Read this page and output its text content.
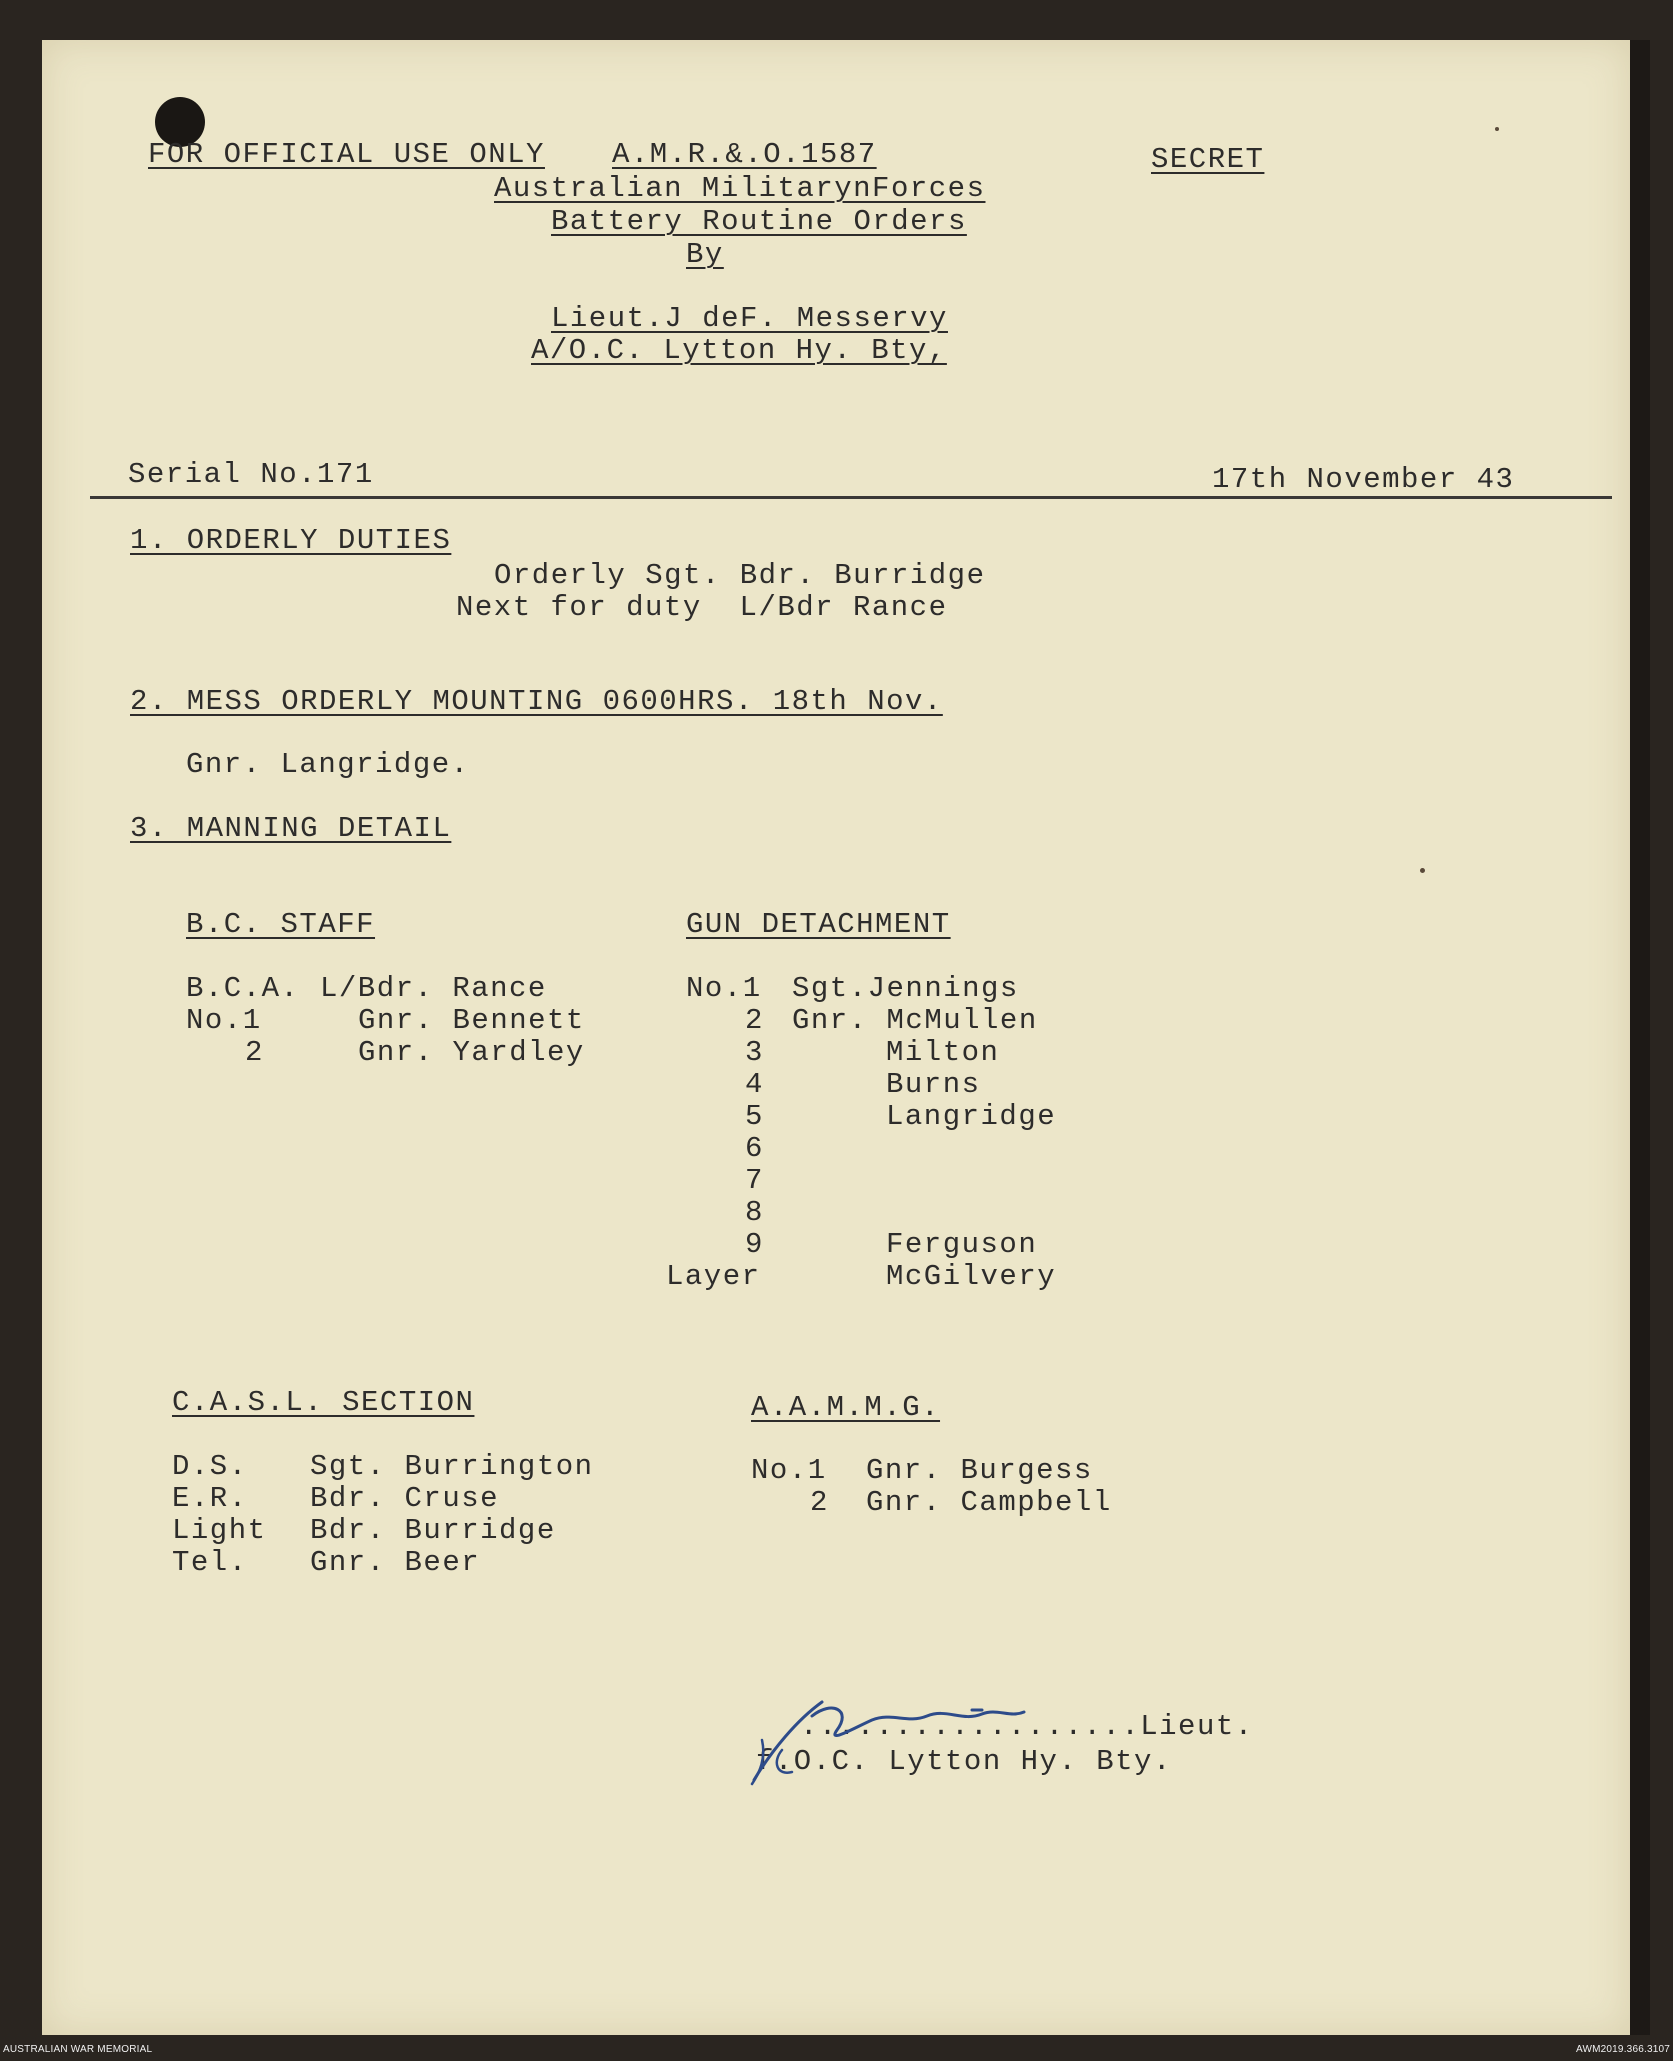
FOR OFFICIAL USE ONLY A.M.R.&.O.1587	SECRET
Australian MilitarynForces
Battery Routine Orders
By
Lieut.J deF. Messervy
A/O.C. Lytton Hy. Bty,
Serial No.171	17th November 43
1. ORDERLY DUTIES
Orderly Sgt. Bdr. Burridge
Next for duty  L/Bdr Rance
2. MESS ORDERLY MOUNTING 0600HRS. 18th Nov.
Gnr. Langridge.
3. MANNING DETAIL
B.C. STAFF
B.C.A. L/Bdr. Rance
No.1	Gnr. Bennett
2	Gnr. Yardley
GUN DETACHMENT
No.1 Sgt.Jennings
2 Gnr. McMullen
3	Milton
4	Burns
5	Langridge
6
7
8
9	Ferguson
Layer	McGilvery
C.A.S.L. SECTION
D.S. Sgt. Burrington
E.R. Bdr. Cruse
Light Bdr. Burridge
Tel. Gnr. Beer
A.A.M.M.G.
No.1 Gnr. Burgess
2 Gnr. Campbell
..................Lieut.
f.O.C. Lytton Hy. Bty.
AUSTRALIAN WAR MEMORIAL	AWM2019.366.3107
